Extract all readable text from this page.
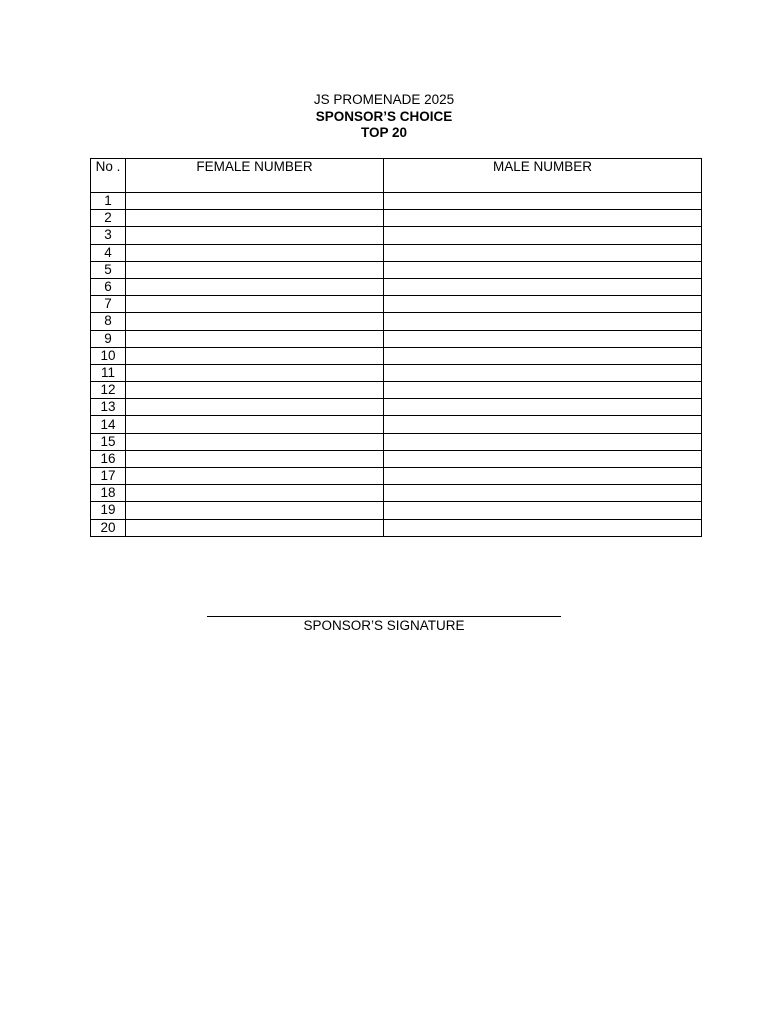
JS PROMENADE 2025
SPONSOR’S CHOICE
TOP 20
No .	FEMALE NUMBER	MALE NUMBER
1		
2		
3		
4		
5		
6		
7		
8		
9		
10		
11		
12		
13		
14		
15		
16		
17		
18		
19		
20		
SPONSOR’S SIGNATURE
